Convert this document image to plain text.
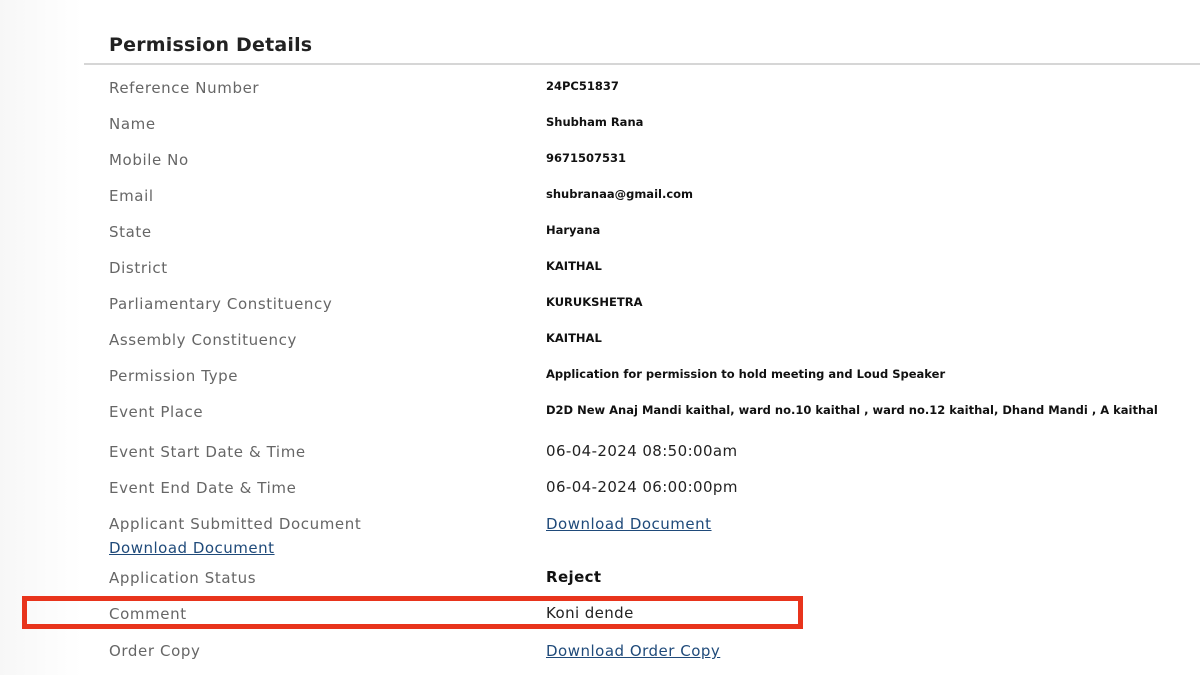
Permission Details
Reference Number	24PC51837
Name	Shubham Rana
Mobile No	9671507531
Email	shubranaa@gmail.com
State	Haryana
District	KAITHAL
Parliamentary Constituency	KURUKSHETRA
Assembly Constituency	KAITHAL
Permission Type	Application for permission to hold meeting and Loud Speaker
Event Place	D2D New Anaj Mandi kaithal, ward no.10 kaithal , ward no.12 kaithal, Dhand Mandi , A kaithal
Event Start Date & Time	06-04-2024 08:50:00am
Event End Date & Time	06-04-2024 06:00:00pm
Applicant Submitted Document	Download Document
Download Document
Application Status	Reject
Comment	Koni dende
Order Copy	Download Order Copy
